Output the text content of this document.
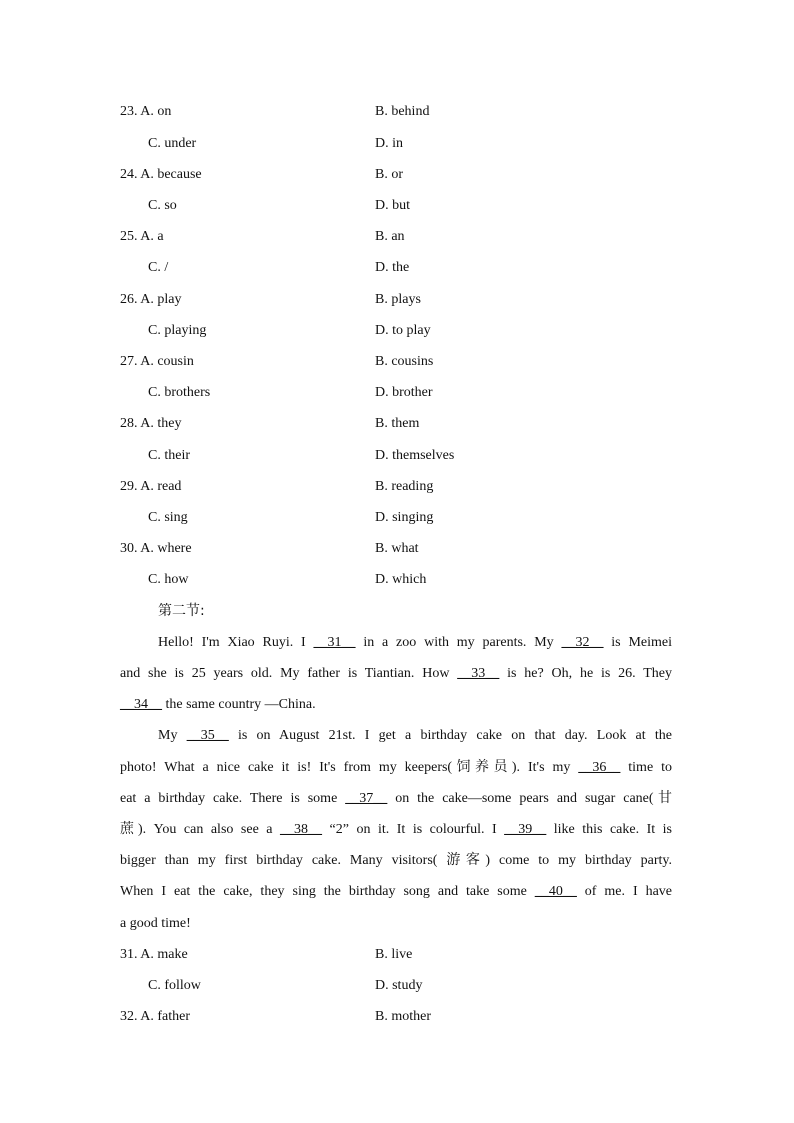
23. A. on	B. behind
C. under	D. in
24. A. because	B. or
C. so	D. but
25. A. a	B. an
C. /	D. the
26. A. play	B. plays
C. playing	D. to play
27. A. cousin	B. cousins
C. brothers	D. brother
28. A. they	B. them
C. their	D. themselves
29. A. read	B. reading
C. sing	D. singing
30. A. where	B. what
C. how	D. which
第二节:
Hello! I'm Xiao Ruyi. I __31__ in a zoo with my parents. My __32__ is Meimei
and she is 25 years old. My father is Tiantian. How __33__ is he? Oh, he is 26. They
__34__ the same country —China.
My __35__ is on August 21st. I get a birthday cake on that day. Look at the
photo! What a nice cake it is! It's from my keepers(饲养员). It's my __36__ time to
eat a birthday cake. There is some __37__ on the cake—some pears and sugar cane(甘
蔗). You can also see a __38__ “2” on it. It is colourful. I __39__ like this cake. It is
bigger than my first birthday cake. Many visitors( 游客) come to my birthday party.
When I eat the cake, they sing the birthday song and take some __40__ of me. I have
a good time!
31. A. make	B. live
C. follow	D. study
32. A. father	B. mother
